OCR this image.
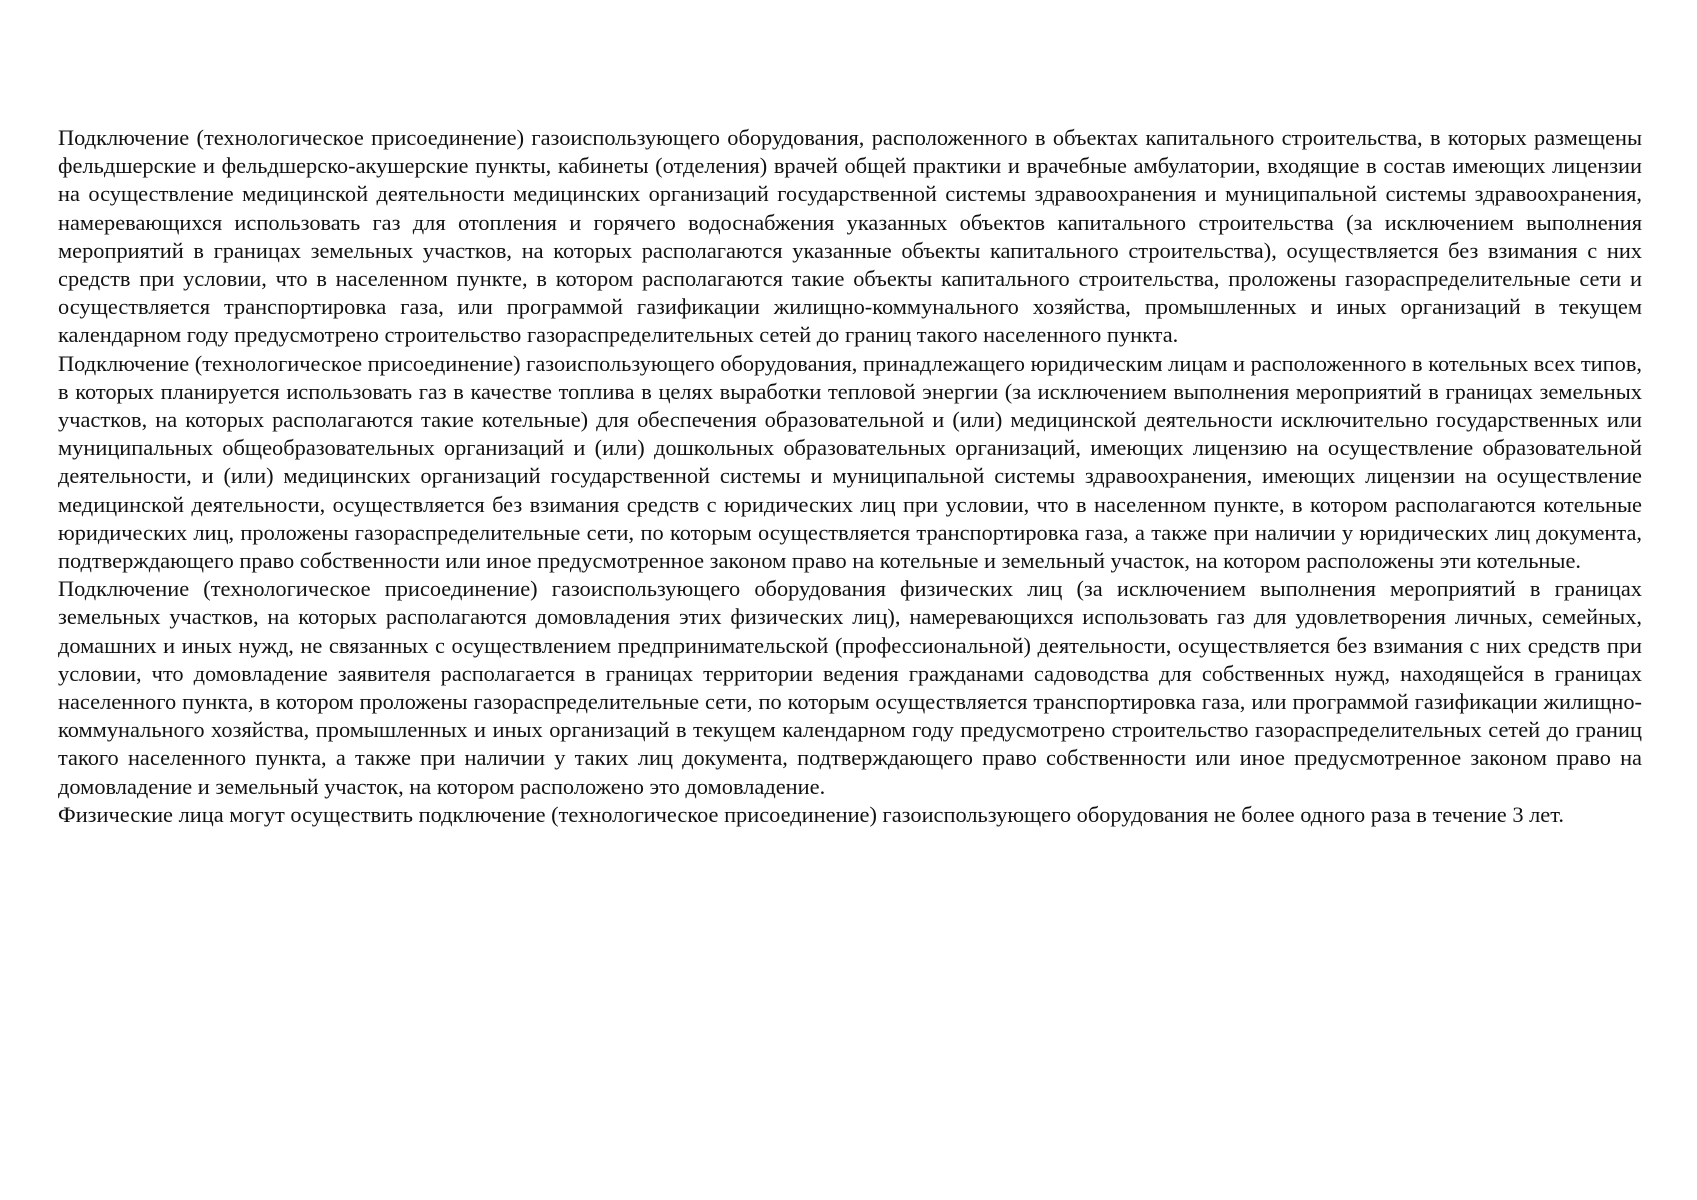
Подключение (технологическое присоединение) газоиспользующего оборудования, расположенного в объектах капитального строительства, в которых размещены фельдшерские и фельдшерско-акушерские пункты, кабинеты (отделения) врачей общей практики и врачебные амбулатории, входящие в состав имеющих лицензии на осуществление медицинской деятельности медицинских организаций государственной системы здравоохранения и муниципальной системы здравоохранения, намеревающихся использовать газ для отопления и горячего водоснабжения указанных объектов капитального строительства (за исключением выполнения мероприятий в границах земельных участков, на которых располагаются указанные объекты капитального строительства), осуществляется без взимания с них средств при условии, что в населенном пункте, в котором располагаются такие объекты капитального строительства, проложены газораспределительные сети и осуществляется транспортировка газа, или программой газификации жилищно-коммунального хозяйства, промышленных и иных организаций в текущем календарном году предусмотрено строительство газораспределительных сетей до границ такого населенного пункта.

Подключение (технологическое присоединение) газоиспользующего оборудования, принадлежащего юридическим лицам и расположенного в котельных всех типов, в которых планируется использовать газ в качестве топлива в целях выработки тепловой энергии (за исключением выполнения мероприятий в границах земельных участков, на которых располагаются такие котельные) для обеспечения образовательной и (или) медицинской деятельности исключительно государственных или муниципальных общеобразовательных организаций и (или) дошкольных образовательных организаций, имеющих лицензию на осуществление образовательной деятельности, и (или) медицинских организаций государственной системы и муниципальной системы здравоохранения, имеющих лицензии на осуществление медицинской деятельности, осуществляется без взимания средств с юридических лиц при условии, что в населенном пункте, в котором располагаются котельные юридических лиц, проложены газораспределительные сети, по которым осуществляется транспортировка газа, а также при наличии у юридических лиц документа, подтверждающего право собственности или иное предусмотренное законом право на котельные и земельный участок, на котором расположены эти котельные.

Подключение (технологическое присоединение) газоиспользующего оборудования физических лиц (за исключением выполнения мероприятий в границах земельных участков, на которых располагаются домовладения этих физических лиц), намеревающихся использовать газ для удовлетворения личных, семейных, домашних и иных нужд, не связанных с осуществлением предпринимательской (профессиональной) деятельности, осуществляется без взимания с них средств при условии, что домовладение заявителя располагается в границах территории ведения гражданами садоводства для собственных нужд, находящейся в границах населенного пункта, в котором проложены газораспределительные сети, по которым осуществляется транспортировка газа, или программой газификации жилищно-коммунального хозяйства, промышленных и иных организаций в текущем календарном году предусмотрено строительство газораспределительных сетей до границ такого населенного пункта, а также при наличии у таких лиц документа, подтверждающего право собственности или иное предусмотренное законом право на домовладение и земельный участок, на котором расположено это домовладение.

Физические лица могут осуществить подключение (технологическое присоединение) газоиспользующего оборудования не более одного раза в течение 3 лет.
